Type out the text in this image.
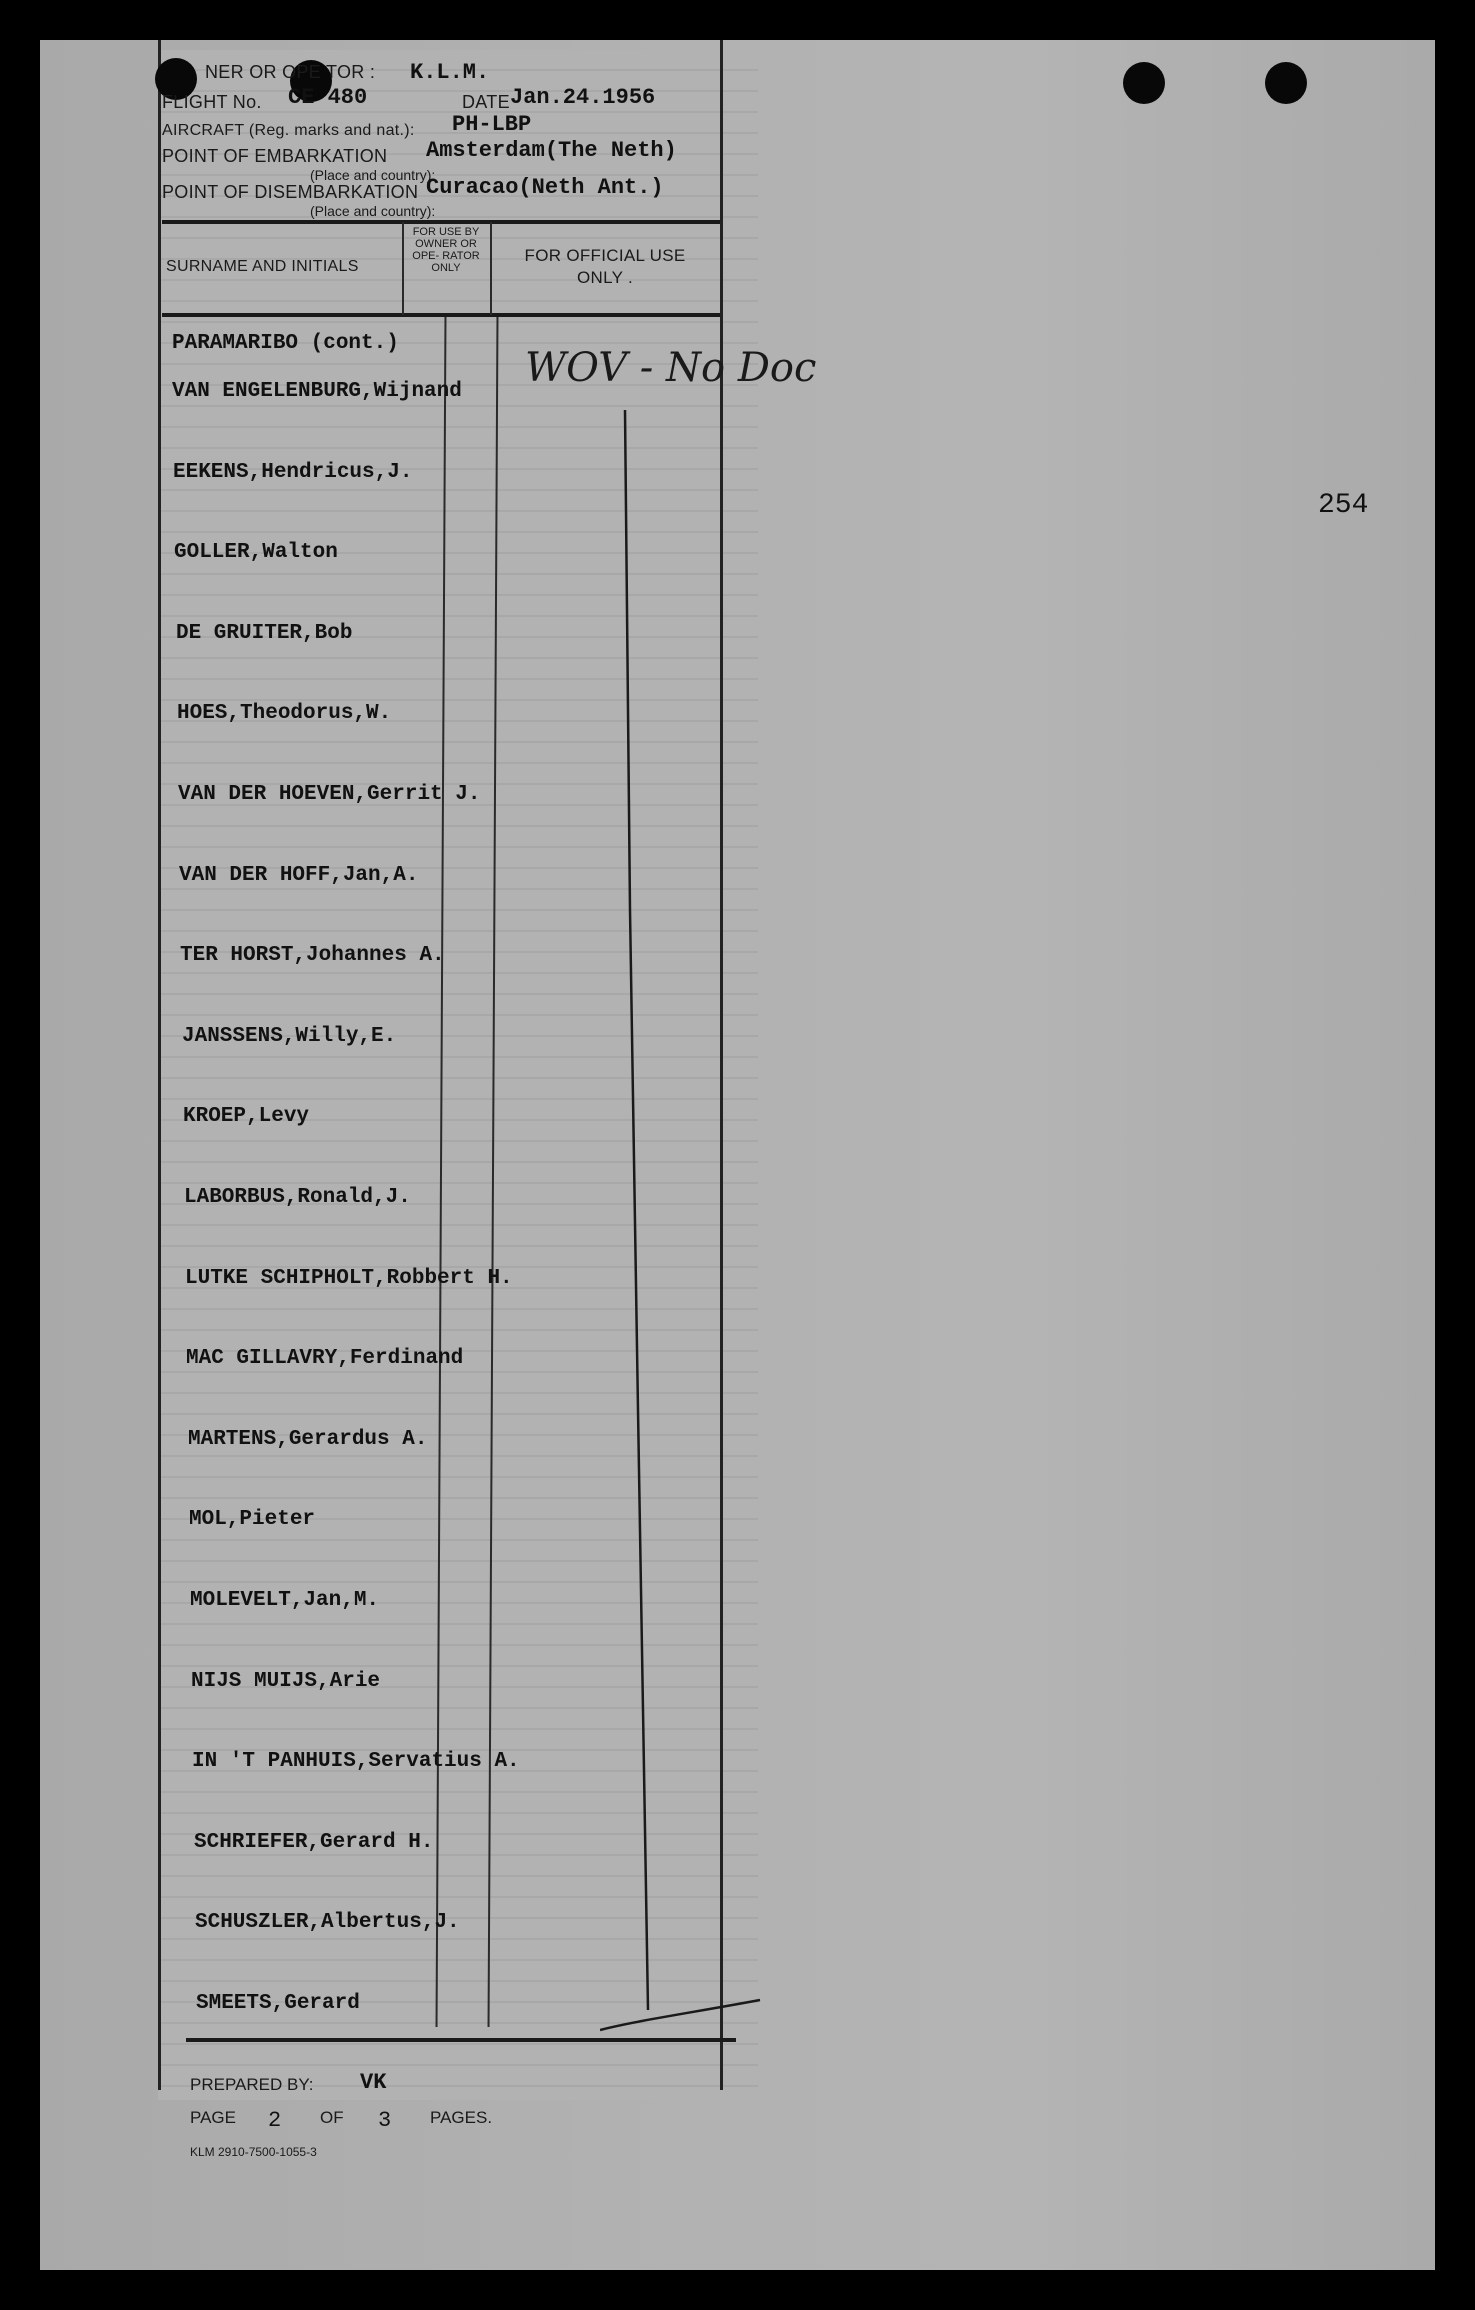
NER OR OPE TOR : K.L.M.
FLIGHT No. CE 480	DATE Jan.24.1956
AIRCRAFT (Reg. marks and nat.): PH-LBP
POINT OF EMBARKATION Amsterdam(The Neth)
(Place and country):
POINT OF DISEMBARKATION Curacao(Neth Ant.)
(Place and country):
SURNAME AND INITIALS
FOR USE BY OWNER OR OPE- RATOR ONLY
FOR OFFICIAL USE ONLY .
WOV - No Doc
254
PARAMARIBO (cont.)
VAN ENGELENBURG,Wijnand
EEKENS,Hendricus,J.
GOLLER,Walton
DE GRUITER,Bob
HOES,Theodorus,W.
VAN DER HOEVEN,Gerrit J.
VAN DER HOFF,Jan,A.
TER HORST,Johannes A.
JANSSENS,Willy,E.
KROEP,Levy
LABORBUS,Ronald,J.
LUTKE SCHIPHOLT,Robbert H.
MAC GILLAVRY,Ferdinand
MARTENS,Gerardus A.
MOL,Pieter
MOLEVELT,Jan,M.
NIJS MUIJS,Arie
IN 'T PANHUIS,Servatius A.
SCHRIEFER,Gerard H.
SCHUSZLER,Albertus,J.
SMEETS,Gerard
PREPARED BY: VK
PAGE 2 OF 3 PAGES.
KLM 2910-7500-1055-3
